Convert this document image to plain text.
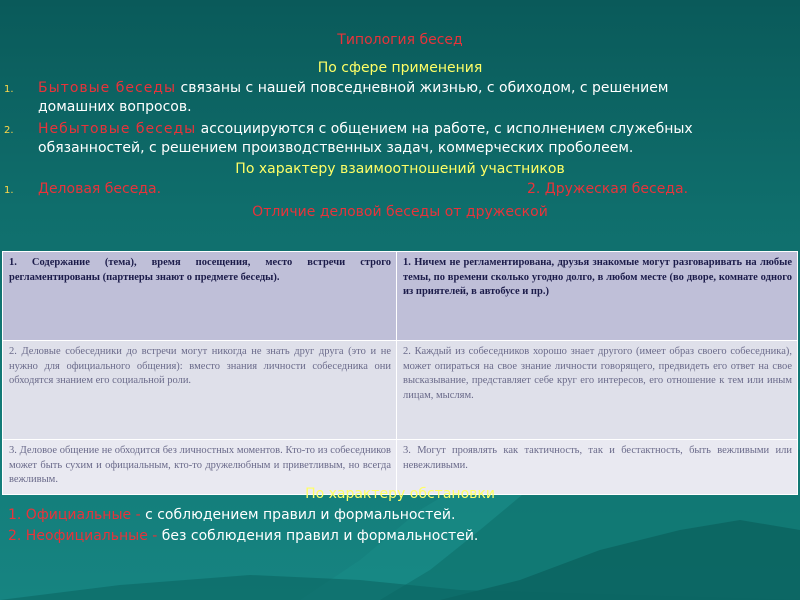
Типология бесед
По сфере применения
1. Бытовые беседы связаны с нашей повседневной жизнью, с обиходом, с решением
домашних вопросов.
2. Небытовые беседы ассоциируются с общением на работе, с исполнением служебных
обязанностей, с решением производственных задач, коммерческих проболеем.
По характеру взаимоотношений участников
1. Деловая беседа.	2. Дружеская беседа.
Отличие деловой беседы от дружеской
1. Содержание (тема), время посещения, место встречи строго регламентированы (партнеры знают о предмете беседы).	1. Ничем не регламентирована, друзья знакомые могут разговаривать на любые темы, по времени сколько угодно долго, в любом месте (во дворе, комнате одного из приятелей, в автобусе и пр.)
2. Деловые собеседники до встречи могут никогда не знать друг друга (это и не нужно для официального общения): вместо знания личности собеседника они обходятся знанием его социальной роли.	2. Каждый из собеседников хорошо знает другого (имеет образ своего собеседника), может опираться на свое знание личности говорящего, предвидеть его ответ на свое высказывание, представляет себе круг его интересов, его отношение к тем или иным лицам, мыслям.
3. Деловое общение не обходится без личностных моментов. Кто-то из собеседников может быть сухим и официальным, кто-то дружелюбным и приветливым, но всегда вежливым.	3. Могут проявлять как тактичность, так и бестактность, быть вежливыми или невежливыми.
По характеру обстановки
1. Официальные - с соблюдением правил и формальностей.
2. Неофициальные - без соблюдения правил и формальностей.
